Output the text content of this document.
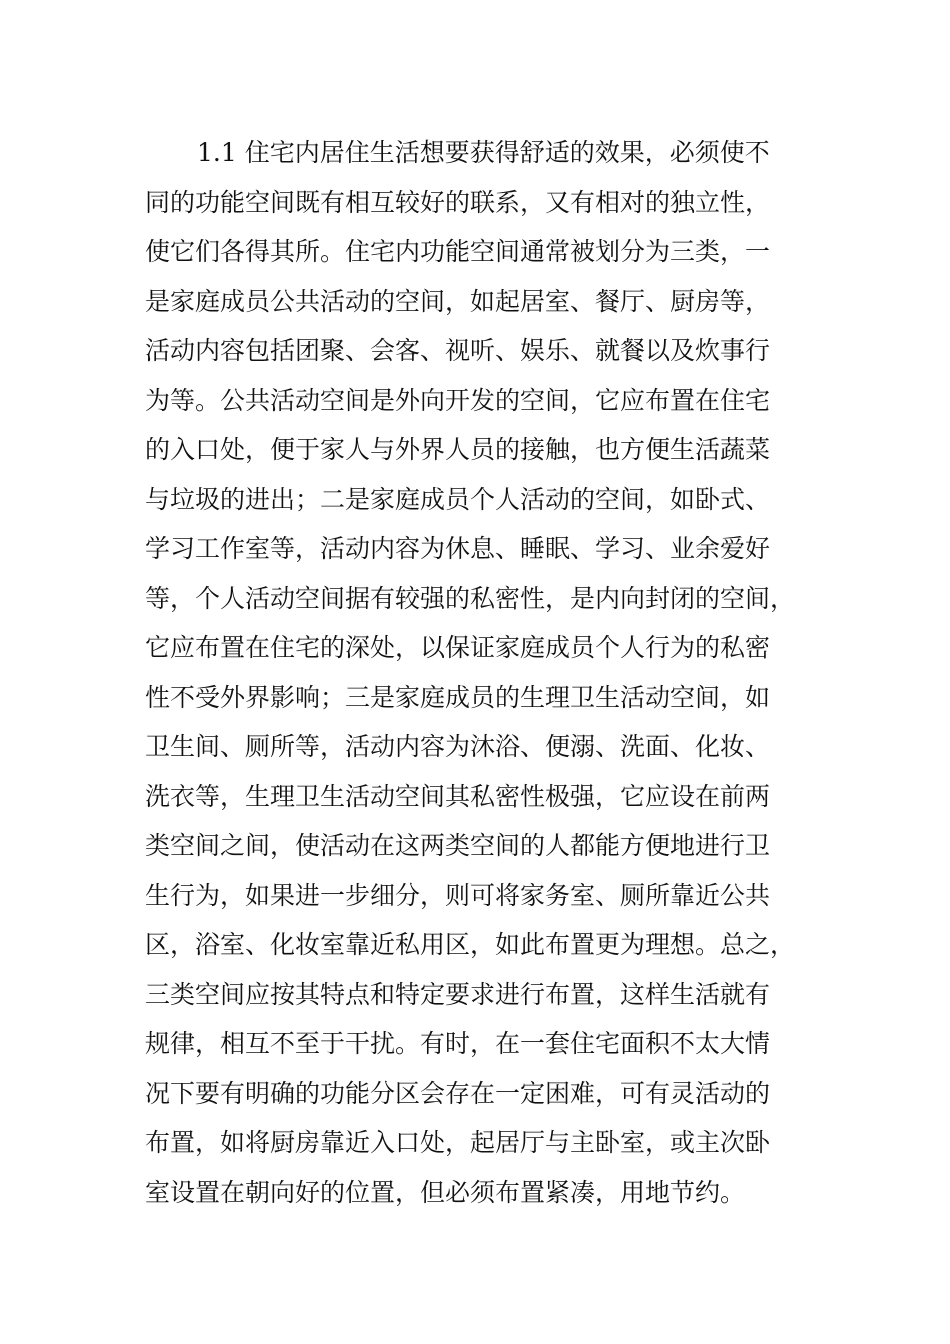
1.1 住宅内居住生活想要获得舒适的效果，必须使不
同的功能空间既有相互较好的联系，又有相对的独立性，
使它们各得其所。住宅内功能空间通常被划分为三类，一
是家庭成员公共活动的空间，如起居室、餐厅、厨房等，
活动内容包括团聚、会客、视听、娱乐、就餐以及炊事行
为等。公共活动空间是外向开发的空间，它应布置在住宅
的入口处，便于家人与外界人员的接触，也方便生活蔬菜
与垃圾的进出；二是家庭成员个人活动的空间，如卧式、
学习工作室等，活动内容为休息、睡眠、学习、业余爱好
等，个人活动空间据有较强的私密性，是内向封闭的空间，
它应布置在住宅的深处，以保证家庭成员个人行为的私密
性不受外界影响；三是家庭成员的生理卫生活动空间，如
卫生间、厕所等，活动内容为沐浴、便溺、洗面、化妆、
洗衣等，生理卫生活动空间其私密性极强，它应设在前两
类空间之间，使活动在这两类空间的人都能方便地进行卫
生行为，如果进一步细分，则可将家务室、厕所靠近公共
区，浴室、化妆室靠近私用区，如此布置更为理想。总之，
三类空间应按其特点和特定要求进行布置，这样生活就有
规律，相互不至于干扰。有时，在一套住宅面积不太大情
况下要有明确的功能分区会存在一定困难，可有灵活动的
布置，如将厨房靠近入口处，起居厅与主卧室，或主次卧
室设置在朝向好的位置，但必须布置紧凑，用地节约。
